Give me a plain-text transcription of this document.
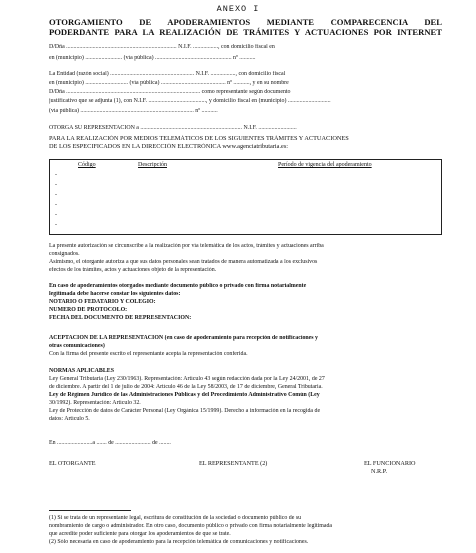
ANEXO I
OTORGAMIENTO DE APODERAMIENTOS MEDIANTE COMPARECENCIA DEL
PODERDANTE PARA LA REALIZACIÓN DE TRÁMITES Y ACTUACIONES POR INTERNET
D/Dña ........................................................................... N.I.F. ................., con domicilio fiscal en
en (municipio) ......................... (vía pública) .................................................... nº ...........
La Entidad (razón social) ......................................................... N.I.F. ................., con domicilio fiscal
en (municipio) ............................. (vía pública) ............................................ nº ..........., y en su nombre
D/Dña ........................................................................................... como representante según documento
justificativo que se adjunta (1), con N.I.F. ......................................., y domicilio fiscal en (municipio) .............................
(vía pública) ............................................................................. nº ...........
OTORGA SU REPRESENTACIÓN a ..................................................................... N.I.F. ..........................
PARA LA REALIZACIÓN POR MEDIOS TELEMÁTICOS DE LOS SIGUIENTES TRÁMITES Y ACTUACIONES
DE LOS ESPECIFICADOS EN LA DIRECCIÓN ELECTRÓNICA www.agenciatributaria.es:
Código	Descripción	Período de vigencia del apoderamiento
-
-
-
-
-
-
La presente autorización se circunscribe a la realización por vía telemática de los actos, trámites y actuaciones arriba
consignados.
Asimismo, el otorgante autoriza a que sus datos personales sean tratados de manera automatizada a los exclusivos
efectos de los trámites, actos y actuaciones objeto de la representación.
En caso de apoderamientos otorgados mediante documento público o privado con firma notarialmente
legitimada debe hacerse constar los siguientes datos:
NOTARIO O FEDATARIO Y COLEGIO:
NÚMERO DE PROTOCOLO:
FECHA DEL DOCUMENTO DE REPRESENTACIÓN:
ACEPTACIÓN DE LA REPRESENTACIÓN (en caso de apoderamiento para recepción de notificaciones y
otras comunicaciones)
Con la firma del presente escrito el representante acepta la representación conferida.
NORMAS APLICABLES
Ley General Tributaria (Ley 230/1963). Representación: Artículo 43 según redacción dada por la Ley 24/2001, de 27
de diciembre. A partir del 1 de julio de 2004: Artículo 46 de la Ley 58/2003, de 17 de diciembre, General Tributaria.
Ley de Régimen Jurídico de las Administraciones Públicas y del Procedimiento Administrativo Común (Ley
30/1992). Representación: Artículo 32.
Ley de Protección de datos de Carácter Personal (Ley Orgánica 15/1999). Derecho a información en la recogida de
datos: Artículo 5.
En ........................a ....... de ........................ de ........
EL OTORGANTE	EL REPRESENTANTE (2)	EL FUNCIONARIO
N.R.P.
(1) Si se trata de un representante legal, escritura de constitución de la sociedad o documento público de su
nombramiento de cargo o administrador. En otro caso, documento público o privado con firma notarialmente legitimada
que acredite poder suficiente para otorgar los apoderamientos de que se trate.
(2) Sólo necesaria en caso de apoderamiento para la recepción telemática de comunicaciones y notificaciones.
